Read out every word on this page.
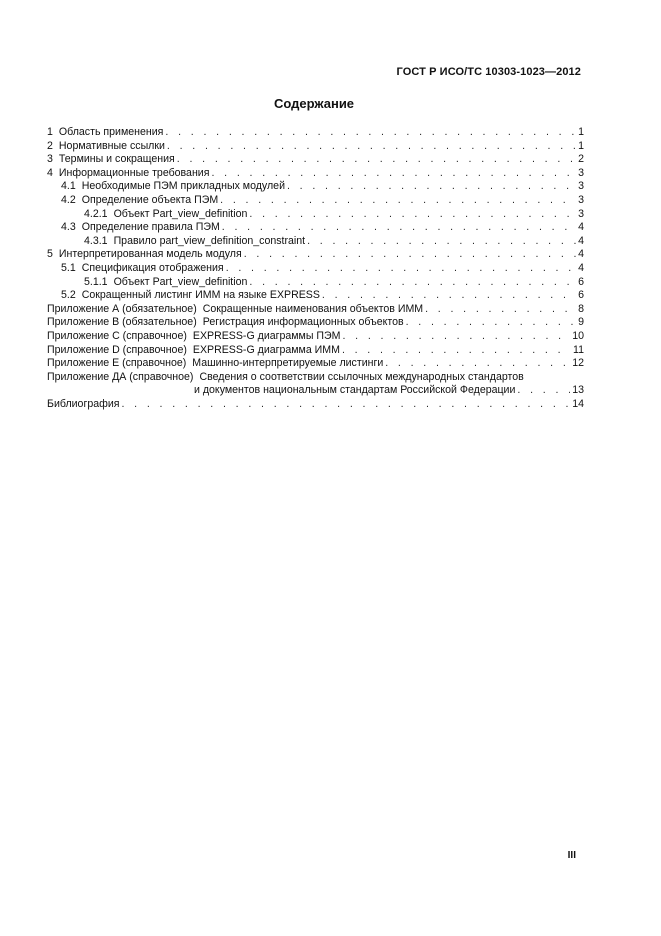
ГОСТ Р ИСО/ТС 10303-1023—2012
Содержание
1 Область применения . . .	1
2 Нормативные ссылки . . .	1
3 Термины и сокращения . . .	2
4 Информационные требования . . .	3
4.1 Необходимые ПЭМ прикладных модулей . . .	3
4.2 Определение объекта ПЭМ . . .	3
4.2.1 Объект Part_view_definition . . .	3
4.3 Определение правила ПЭМ . . .	4
4.3.1 Правило part_view_definition_constraint . . .	4
5 Интерпретированная модель модуля . . .	4
5.1 Спецификация отображения . . .	4
5.1.1 Объект Part_view_definition . . .	6
5.2 Сокращенный листинг ИММ на языке EXPRESS . . .	6
Приложение А (обязательное) Сокращенные наименования объектов ИММ . . .	8
Приложение В (обязательное) Регистрация информационных объектов . . .	9
Приложение С (справочное) EXPRESS-G диаграммы ПЭМ . . .	10
Приложение D (справочное) EXPRESS-G диаграмма ИММ . . .	11
Приложение Е (справочное) Машинно-интерпретируемые листинги . . .	12
Приложение ДА (справочное) Сведения о соответствии ссылочных международных стандартов
и документов национальным стандартам Российской Федерации . . .	13
Библиография . . .	14
III
